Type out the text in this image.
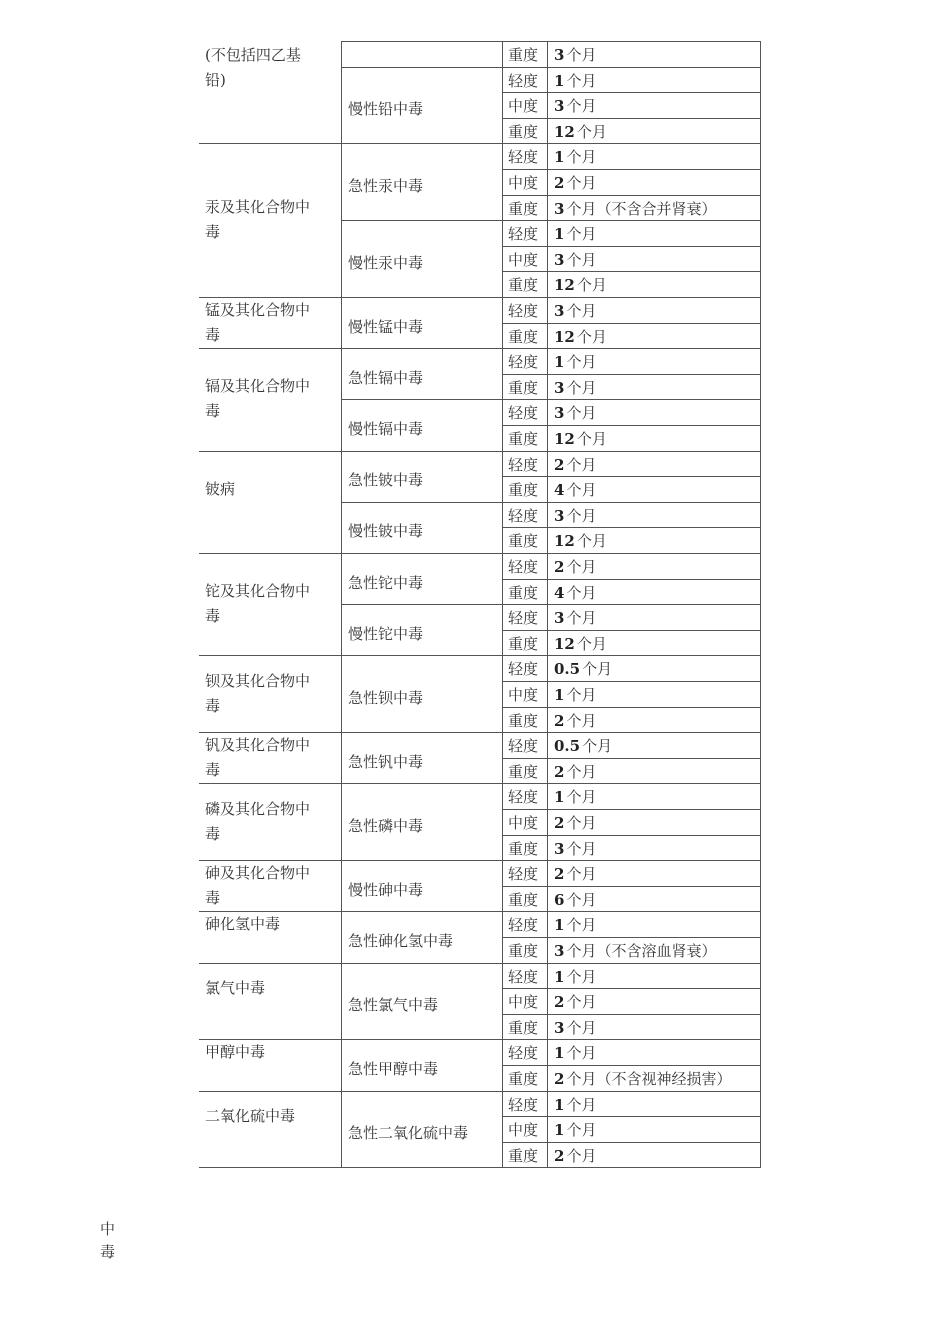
重度 3 个月
轻度 1 个月
中度 3 个月
重度 12 个月
慢性铅中毒
(不包括四乙基铅)
轻度 1 个月
中度 2 个月
重度 3 个月（不含合并肾衰）
急性汞中毒
轻度 1 个月
中度 3 个月
重度 12 个月
慢性汞中毒
汞及其化合物中毒
轻度 3 个月
重度 12 个月
慢性锰中毒
锰及其化合物中毒
轻度 1 个月
重度 3 个月
急性镉中毒
轻度 3 个月
重度 12 个月
慢性镉中毒
镉及其化合物中毒
轻度 2 个月
重度 4 个月
急性铍中毒
轻度 3 个月
重度 12 个月
慢性铍中毒
铍病
轻度 2 个月
重度 4 个月
急性铊中毒
轻度 3 个月
重度 12 个月
慢性铊中毒
铊及其化合物中毒
轻度 0.5 个月
中度 1 个月
重度 2 个月
急性钡中毒
钡及其化合物中毒
轻度 0.5 个月
重度 2 个月
急性钒中毒
钒及其化合物中毒
轻度 1 个月
中度 2 个月
重度 3 个月
急性磷中毒
磷及其化合物中毒
轻度 2 个月
重度 6 个月
慢性砷中毒
砷及其化合物中毒
轻度 1 个月
重度 3 个月（不含溶血肾衰）
急性砷化氢中毒
砷化氢中毒
轻度 1 个月
中度 2 个月
重度 3 个月
急性氯气中毒
氯气中毒
轻度 1 个月
重度 2 个月（不含视神经损害）
急性甲醇中毒
甲醇中毒
轻度 1 个月
中度 1 个月
重度 2 个月
急性二氧化硫中毒
二氧化硫中毒
中
毒
